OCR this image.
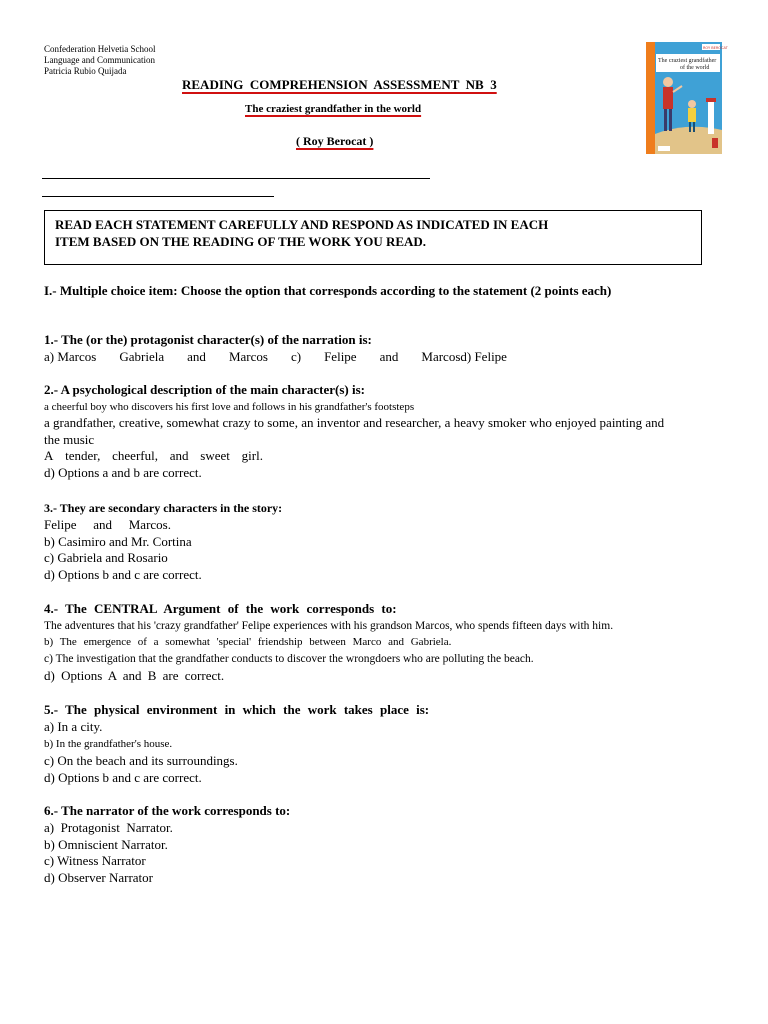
Confederation Helvetia School
Language and Communication
Patricia Rubio Quijada
READING  COMPREHENSION  ASSESSMENT  NB  3
The craziest grandfather in the world
( Roy Berocat )
ROY BEROCAT
The craziest grandfather
of the world

READ EACH STATEMENT CAREFULLY AND RESPOND AS INDICATED IN EACH

ITEM BASED ON THE READING OF THE WORK YOU READ.

I.- Multiple choice item: Choose the option that corresponds according to the statement (2 points each)
1.- The (or the) protagonist character(s) of the narration is:
a) Marcos Gabriela and Marcos c) Felipe and Marcosd) Felipe
2.- A psychological description of the main character(s) is:
a cheerful boy who discovers his first love and follows in his grandfather's footsteps
a grandfather, creative, somewhat crazy to some, an inventor and researcher, a heavy smoker who enjoyed painting and
the music
A tender, cheerful, and sweet girl.
d) Options a and b are correct.
3.- They are secondary characters in the story:
Felipe and Marcos.
b) Casimiro and Mr. Cortina
c) Gabriela and Rosario
d) Options b and c are correct.
4.- The CENTRAL Argument of the work corresponds to:
The adventures that his 'crazy grandfather' Felipe experiences with his grandson Marcos, who spends fifteen days with him.
b) The emergence of a somewhat 'special' friendship between Marco and Gabriela.
c) The investigation that the grandfather conducts to discover the wrongdoers who are polluting the beach.
d) Options A and B are correct.
5.- The physical environment in which the work takes place is:
a) In a city.
b) In the grandfather's house.
c) On the beach and its surroundings.
d) Options b and c are correct.
6.- The narrator of the work corresponds to:
a)  Protagonist  Narrator.
b) Omniscient Narrator.
c) Witness Narrator
d) Observer Narrator
